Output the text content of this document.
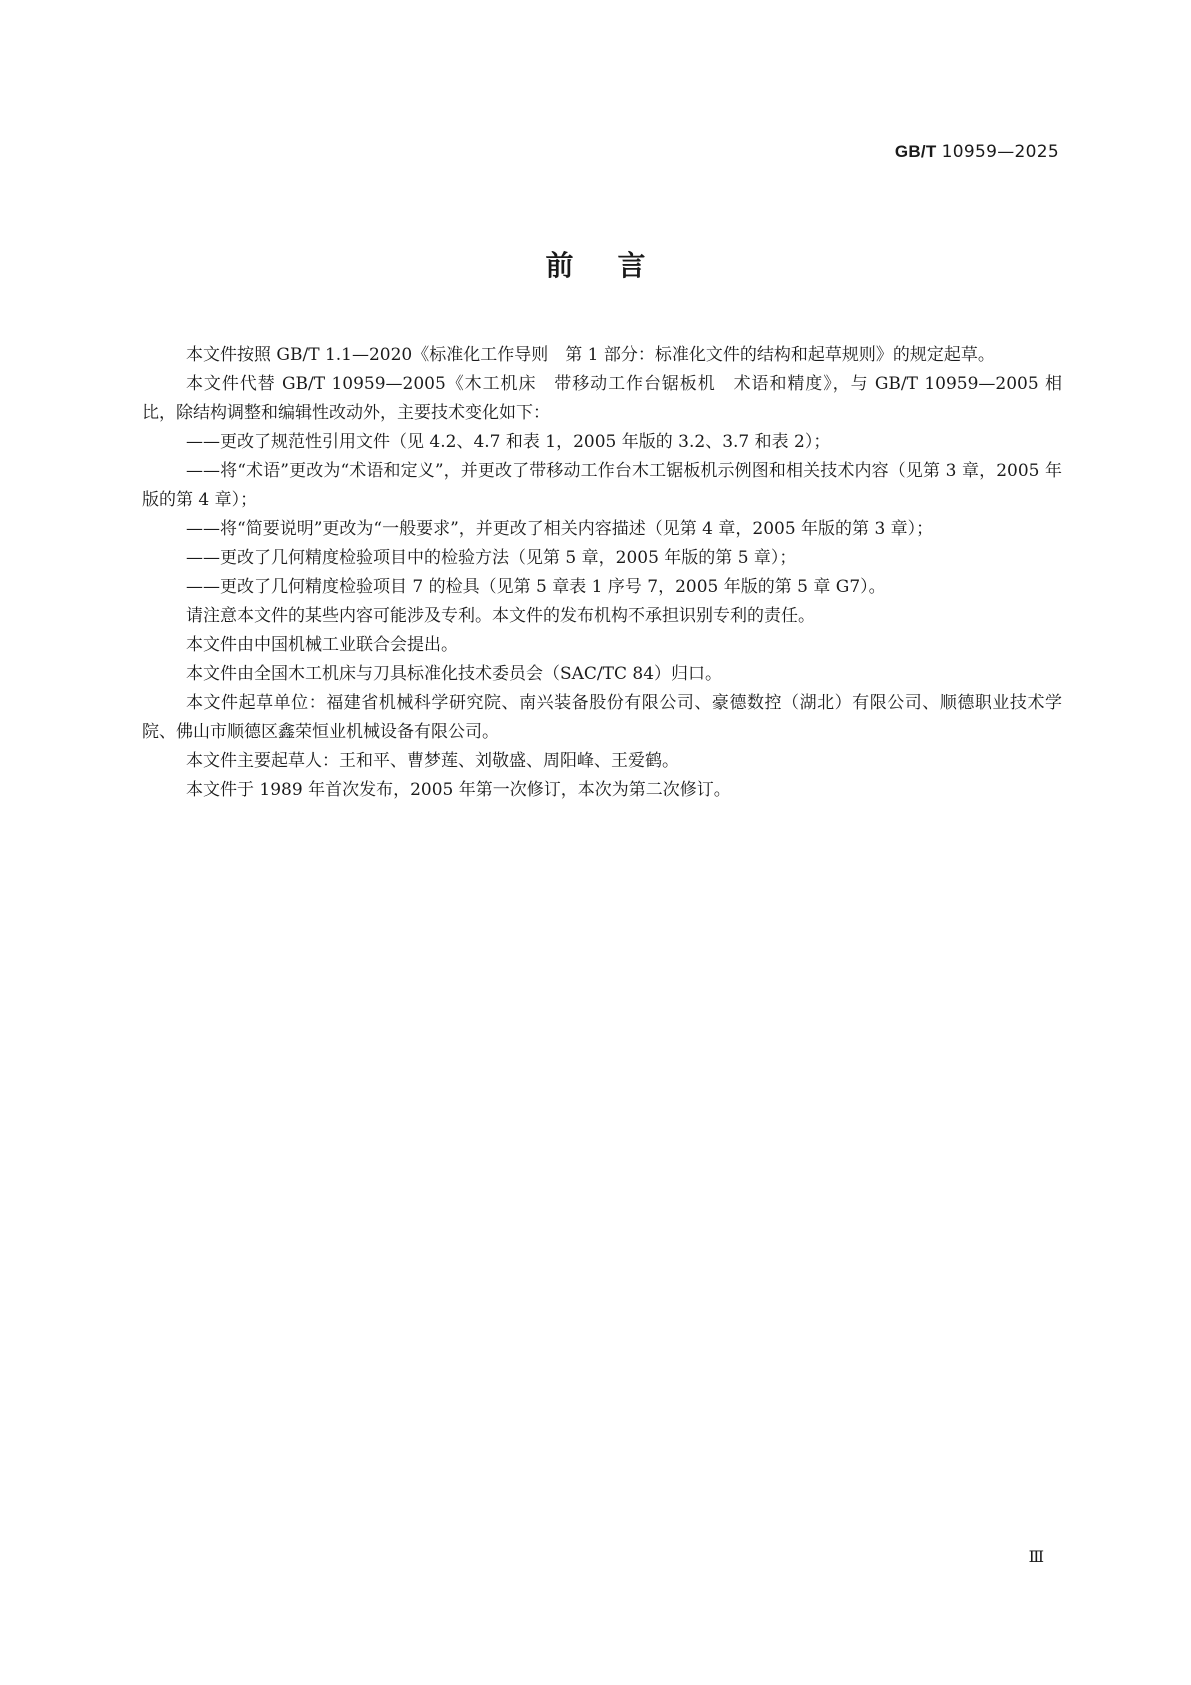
GB/T 10959—2025
前言

本文件按照 GB/T 1.1—2020《标准化工作导则　第 1 部分：标准化文件的结构和起草规则》的规定起草。

本文件代替 GB/T 10959—2005《木工机床　带移动工作台锯板机　术语和精度》，与 GB/T 10959—2005 相比，除结构调整和编辑性改动外，主要技术变化如下：

——更改了规范性引用文件（见 4.2、4.7 和表 1，2005 年版的 3.2、3.7 和表 2）；

——将“术语”更改为“术语和定义”，并更改了带移动工作台木工锯板机示例图和相关技术内容（见第 3 章，2005 年版的第 4 章）；

——将“简要说明”更改为“一般要求”，并更改了相关内容描述（见第 4 章，2005 年版的第 3 章）；

——更改了几何精度检验项目中的检验方法（见第 5 章，2005 年版的第 5 章）；

——更改了几何精度检验项目 7 的检具（见第 5 章表 1 序号 7，2005 年版的第 5 章 G7）。

请注意本文件的某些内容可能涉及专利。本文件的发布机构不承担识别专利的责任。

本文件由中国机械工业联合会提出。

本文件由全国木工机床与刀具标准化技术委员会（SAC/TC 84）归口。

本文件起草单位：福建省机械科学研究院、南兴装备股份有限公司、豪德数控（湖北）有限公司、顺德职业技术学院、佛山市顺德区鑫荣恒业机械设备有限公司。

本文件主要起草人：王和平、曹梦莲、刘敬盛、周阳峰、王爱鹤。

本文件于 1989 年首次发布，2005 年第一次修订，本次为第二次修订。

Ⅲ
